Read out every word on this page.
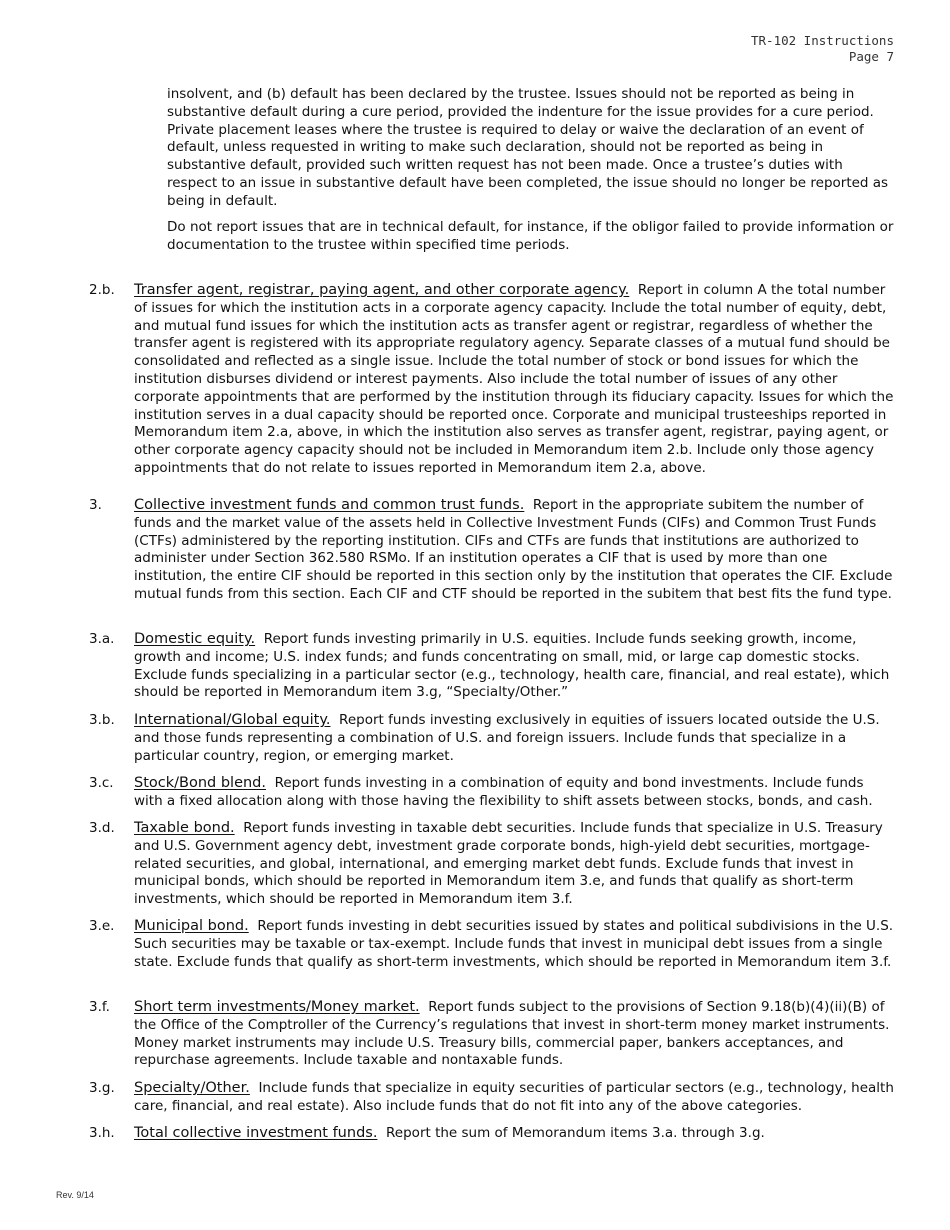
TR-102 Instructions
Page 7

insolvent, and (b) default has been declared by the trustee. Issues should not be reported as being in substantive default during a cure period, provided the indenture for the issue provides for a cure period. Private placement leases where the trustee is required to delay or waive the declaration of an event of default, unless requested in writing to make such declaration, should not be reported as being in substantive default, provided such written request has not been made. Once a trustee’s duties with respect to an issue in substantive default have been completed, the issue should no longer be reported as being in default.

Do not report issues that are in technical default, for instance, if the obligor failed to provide information or documentation to the trustee within specified time periods.

2.b. Transfer agent, registrar, paying agent, and other corporate agency. Report in column A the total number of issues for which the institution acts in a corporate agency capacity. Include the total number of equity, debt, and mutual fund issues for which the institution acts as transfer agent or registrar, regardless of whether the transfer agent is registered with its appropriate regulatory agency. Separate classes of a mutual fund should be consolidated and reflected as a single issue. Include the total number of stock or bond issues for which the institution disburses dividend or interest payments. Also include the total number of issues of any other corporate appointments that are performed by the institution through its fiduciary capacity. Issues for which the institution serves in a dual capacity should be reported once. Corporate and municipal trusteeships reported in Memorandum item 2.a, above, in which the institution also serves as transfer agent, registrar, paying agent, or other corporate agency capacity should not be included in Memorandum item 2.b. Include only those agency appointments that do not relate to issues reported in Memorandum item 2.a, above.

3. Collective investment funds and common trust funds. Report in the appropriate subitem the number of funds and the market value of the assets held in Collective Investment Funds (CIFs) and Common Trust Funds (CTFs) administered by the reporting institution. CIFs and CTFs are funds that institutions are authorized to administer under Section 362.580 RSMo. If an institution operates a CIF that is used by more than one institution, the entire CIF should be reported in this section only by the institution that operates the CIF. Exclude mutual funds from this section. Each CIF and CTF should be reported in the subitem that best fits the fund type.

3.a. Domestic equity. Report funds investing primarily in U.S. equities. Include funds seeking growth, income, growth and income; U.S. index funds; and funds concentrating on small, mid, or large cap domestic stocks. Exclude funds specializing in a particular sector (e.g., technology, health care, financial, and real estate), which should be reported in Memorandum item 3.g, “Specialty/Other.”

3.b. International/Global equity. Report funds investing exclusively in equities of issuers located outside the U.S. and those funds representing a combination of U.S. and foreign issuers. Include funds that specialize in a particular country, region, or emerging market.

3.c. Stock/Bond blend. Report funds investing in a combination of equity and bond investments. Include funds with a fixed allocation along with those having the flexibility to shift assets between stocks, bonds, and cash.

3.d. Taxable bond. Report funds investing in taxable debt securities. Include funds that specialize in U.S. Treasury and U.S. Government agency debt, investment grade corporate bonds, high-yield debt securities, mortgage-related securities, and global, international, and emerging market debt funds. Exclude funds that invest in municipal bonds, which should be reported in Memorandum item 3.e, and funds that qualify as short-term investments, which should be reported in Memorandum item 3.f.

3.e. Municipal bond. Report funds investing in debt securities issued by states and political subdivisions in the U.S. Such securities may be taxable or tax-exempt. Include funds that invest in municipal debt issues from a single state. Exclude funds that qualify as short-term investments, which should be reported in Memorandum item 3.f.

3.f. Short term investments/Money market. Report funds subject to the provisions of Section 9.18(b)(4)(ii)(B) of the Office of the Comptroller of the Currency’s regulations that invest in short-term money market instruments. Money market instruments may include U.S. Treasury bills, commercial paper, bankers acceptances, and repurchase agreements. Include taxable and nontaxable funds.

3.g. Specialty/Other. Include funds that specialize in equity securities of particular sectors (e.g., technology, health care, financial, and real estate). Also include funds that do not fit into any of the above categories.

3.h. Total collective investment funds. Report the sum of Memorandum items 3.a. through 3.g.

Rev. 9/14
